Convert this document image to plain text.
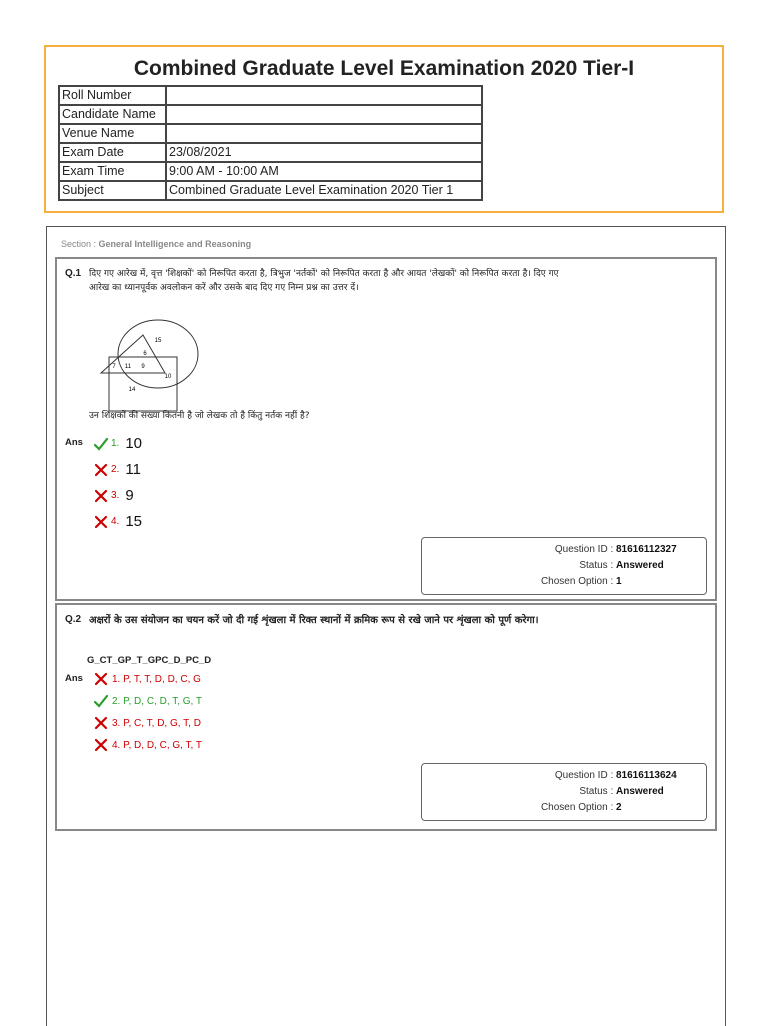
Combined Graduate Level Examination 2020 Tier-I
Roll Number	
Candidate Name	
Venue Name	
Exam Date	23/08/2021
Exam Time	9:00 AM - 10:00 AM
Subject	Combined Graduate Level Examination 2020 Tier 1
Section : General Intelligence and Reasoning
Q.1 दिए गए आरेख में, वृत्त 'शिक्षकों' को निरूपित करता है, त्रिभुज 'नर्तकों' को निरूपित करता है और आयत 'लेखकों' को निरूपित करता है। दिए गए आरेख का ध्यानपूर्वक अवलोकन करें और उसके बाद दिए गए निम्न प्रश्न का उत्तर दें।
15
6
7 11 9
10
14
उन शिक्षकों की संख्या कितनी है जो लेखक तो है किंतु नर्तक नहीं है?
Ans	1. 10
2. 11
3. 9
4. 15
Question ID : 81616112327
Status : Answered
Chosen Option : 1
Q.2 अक्षरों के उस संयोजन का चयन करें जो दी गई शृंखला में रिक्त स्थानों में क्रमिक रूप से रखे जाने पर शृंखला को पूर्ण करेगा।
G_CT_GP_T_GPC_D_PC_D
Ans	1. P, T, T, D, D, C, G
2. P, D, C, D, T, G, T
3. P, C, T, D, G, T, D
4. P, D, D, C, G, T, T
Question ID : 81616113624
Status : Answered
Chosen Option : 2
